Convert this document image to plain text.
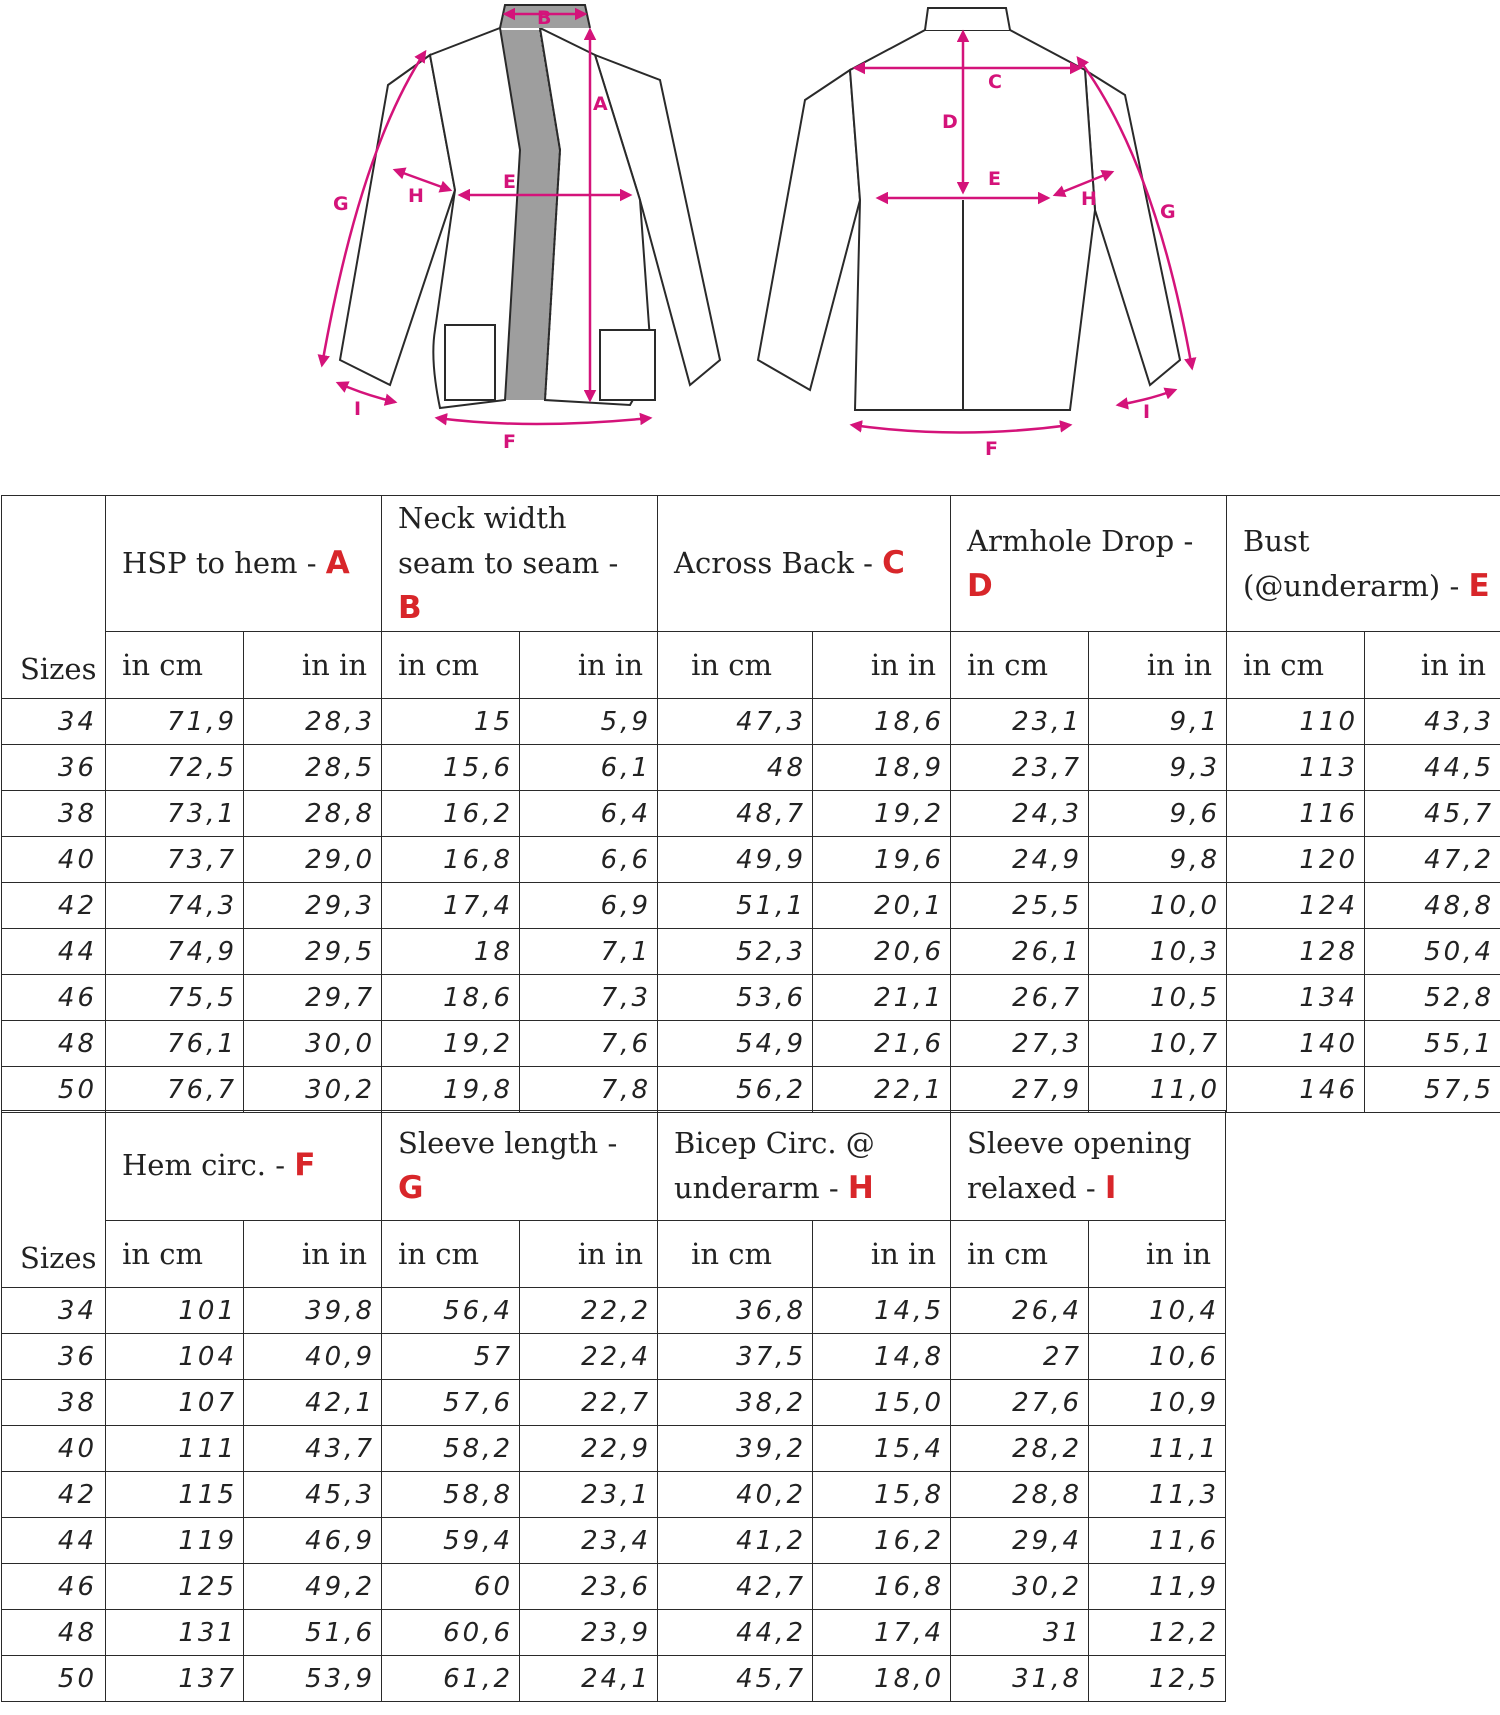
B
A
E
H
G
I
F
C
D
E
H
G
I
F
Sizes	HSP to hem - A		Neck width seam to seam - B		Across Back - C		Armhole Drop - D		Bust (@underarm) - E	
	in cm	in in	in cm	in in	in cm	in in	in cm	in in	in cm	in in
34	71,9	28,3	15	5,9	47,3	18,6	23,1	9,1	110	43,3
36	72,5	28,5	15,6	6,1	48	18,9	23,7	9,3	113	44,5
38	73,1	28,8	16,2	6,4	48,7	19,2	24,3	9,6	116	45,7
40	73,7	29,0	16,8	6,6	49,9	19,6	24,9	9,8	120	47,2
42	74,3	29,3	17,4	6,9	51,1	20,1	25,5	10,0	124	48,8
44	74,9	29,5	18	7,1	52,3	20,6	26,1	10,3	128	50,4
46	75,5	29,7	18,6	7,3	53,6	21,1	26,7	10,5	134	52,8
48	76,1	30,0	19,2	7,6	54,9	21,6	27,3	10,7	140	55,1
50	76,7	30,2	19,8	7,8	56,2	22,1	27,9	11,0	146	57,5
Sizes	Hem circ. - F		Sleeve length - G		Bicep Circ. @ underarm - H		Sleeve opening relaxed - I	
	in cm	in in	in cm	in in	in cm	in in	in cm	in in
34	101	39,8	56,4	22,2	36,8	14,5	26,4	10,4
36	104	40,9	57	22,4	37,5	14,8	27	10,6
38	107	42,1	57,6	22,7	38,2	15,0	27,6	10,9
40	111	43,7	58,2	22,9	39,2	15,4	28,2	11,1
42	115	45,3	58,8	23,1	40,2	15,8	28,8	11,3
44	119	46,9	59,4	23,4	41,2	16,2	29,4	11,6
46	125	49,2	60	23,6	42,7	16,8	30,2	11,9
48	131	51,6	60,6	23,9	44,2	17,4	31	12,2
50	137	53,9	61,2	24,1	45,7	18,0	31,8	12,5
